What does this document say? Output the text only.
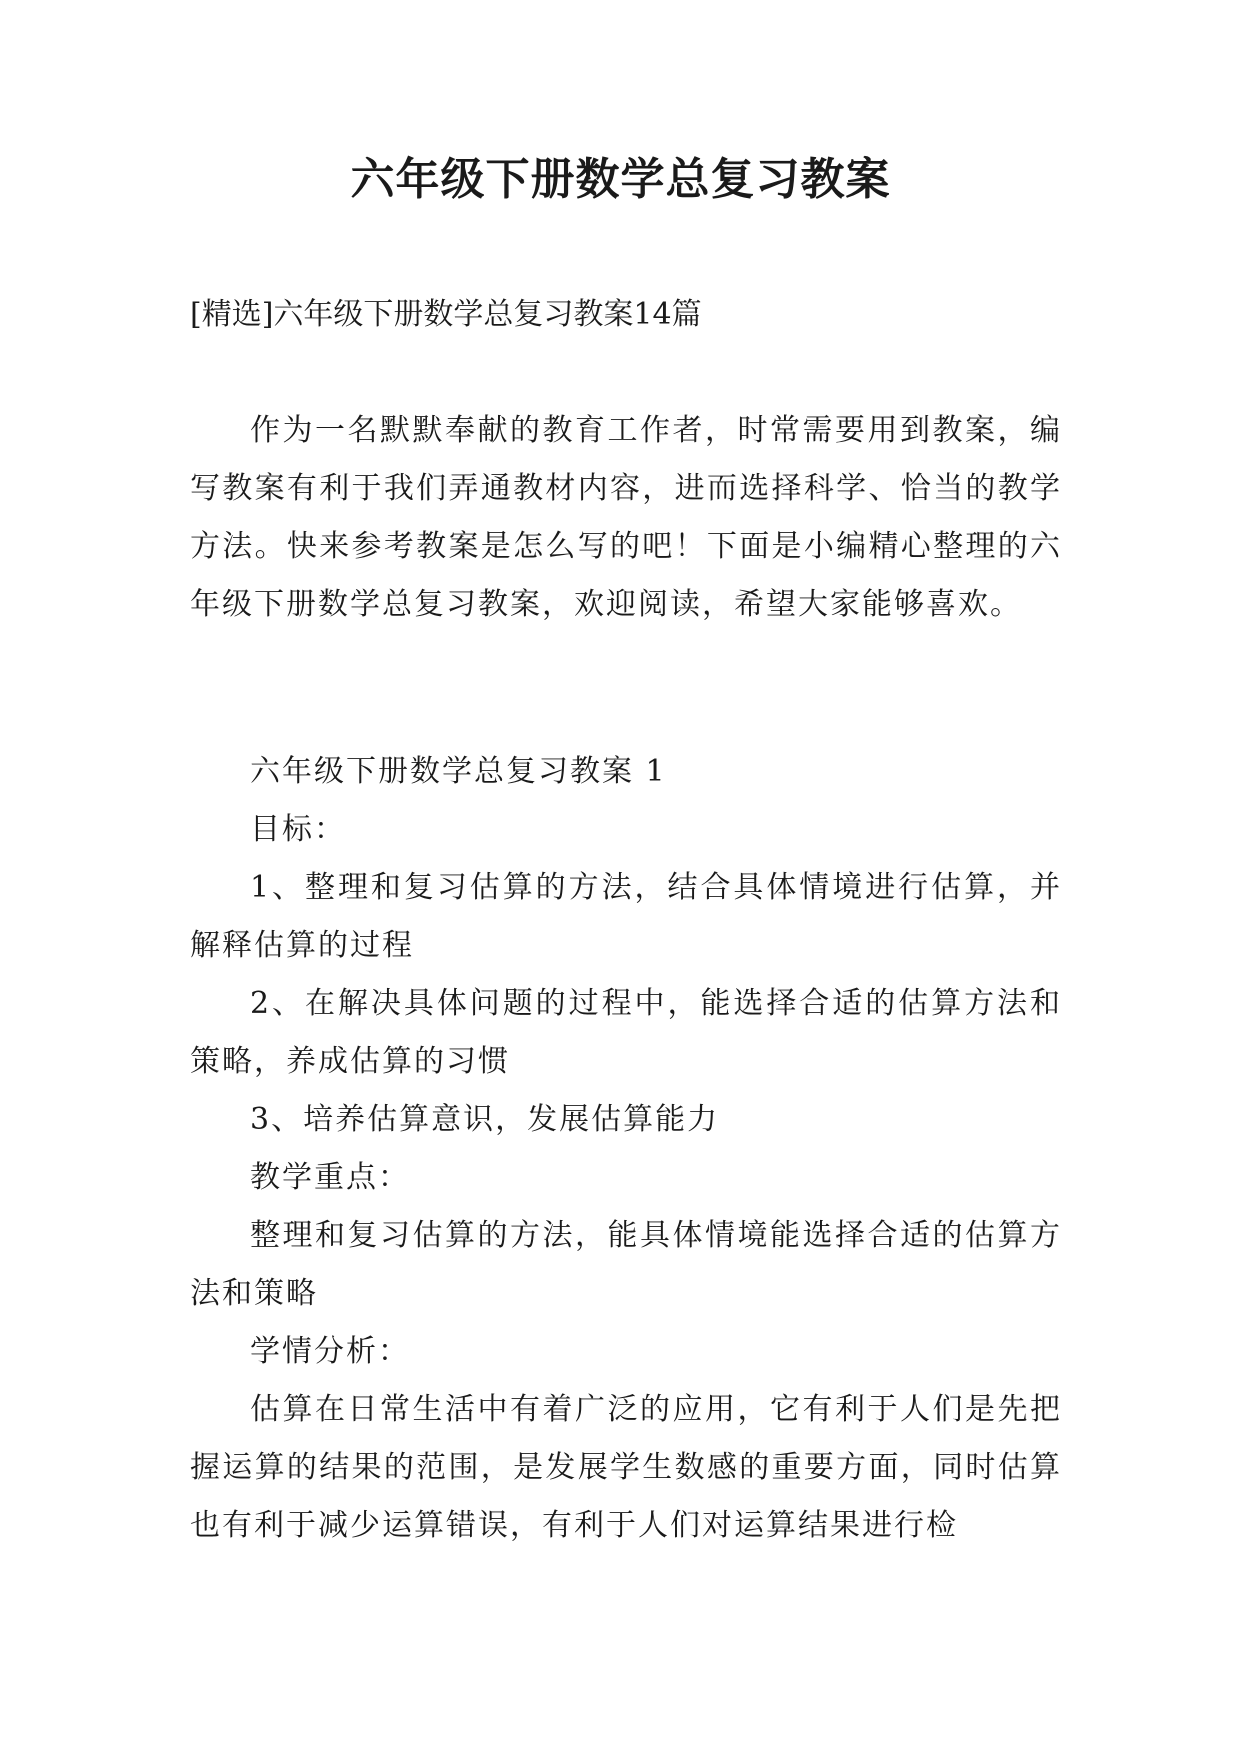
六年级下册数学总复习教案
[精选]六年级下册数学总复习教案14篇

作为一名默默奉献的教育工作者，时常需要用到教案，编写教案有利于我们弄通教材内容，进而选择科学、恰当的教学方法。快来参考教案是怎么写的吧！下面是小编精心整理的六年级下册数学总复习教案，欢迎阅读，希望大家能够喜欢。

六年级下册数学总复习教案 1

目标：

1、整理和复习估算的方法，结合具体情境进行估算，并解释估算的过程

2、在解决具体问题的过程中，能选择合适的估算方法和策略，养成估算的习惯

3、培养估算意识，发展估算能力

教学重点：

整理和复习估算的方法，能具体情境能选择合适的估算方法和策略

学情分析：

估算在日常生活中有着广泛的应用，它有利于人们是先把握运算的结果的范围，是发展学生数感的重要方面，同时估算也有利于减少运算错误，有利于人们对运算结果进行检
